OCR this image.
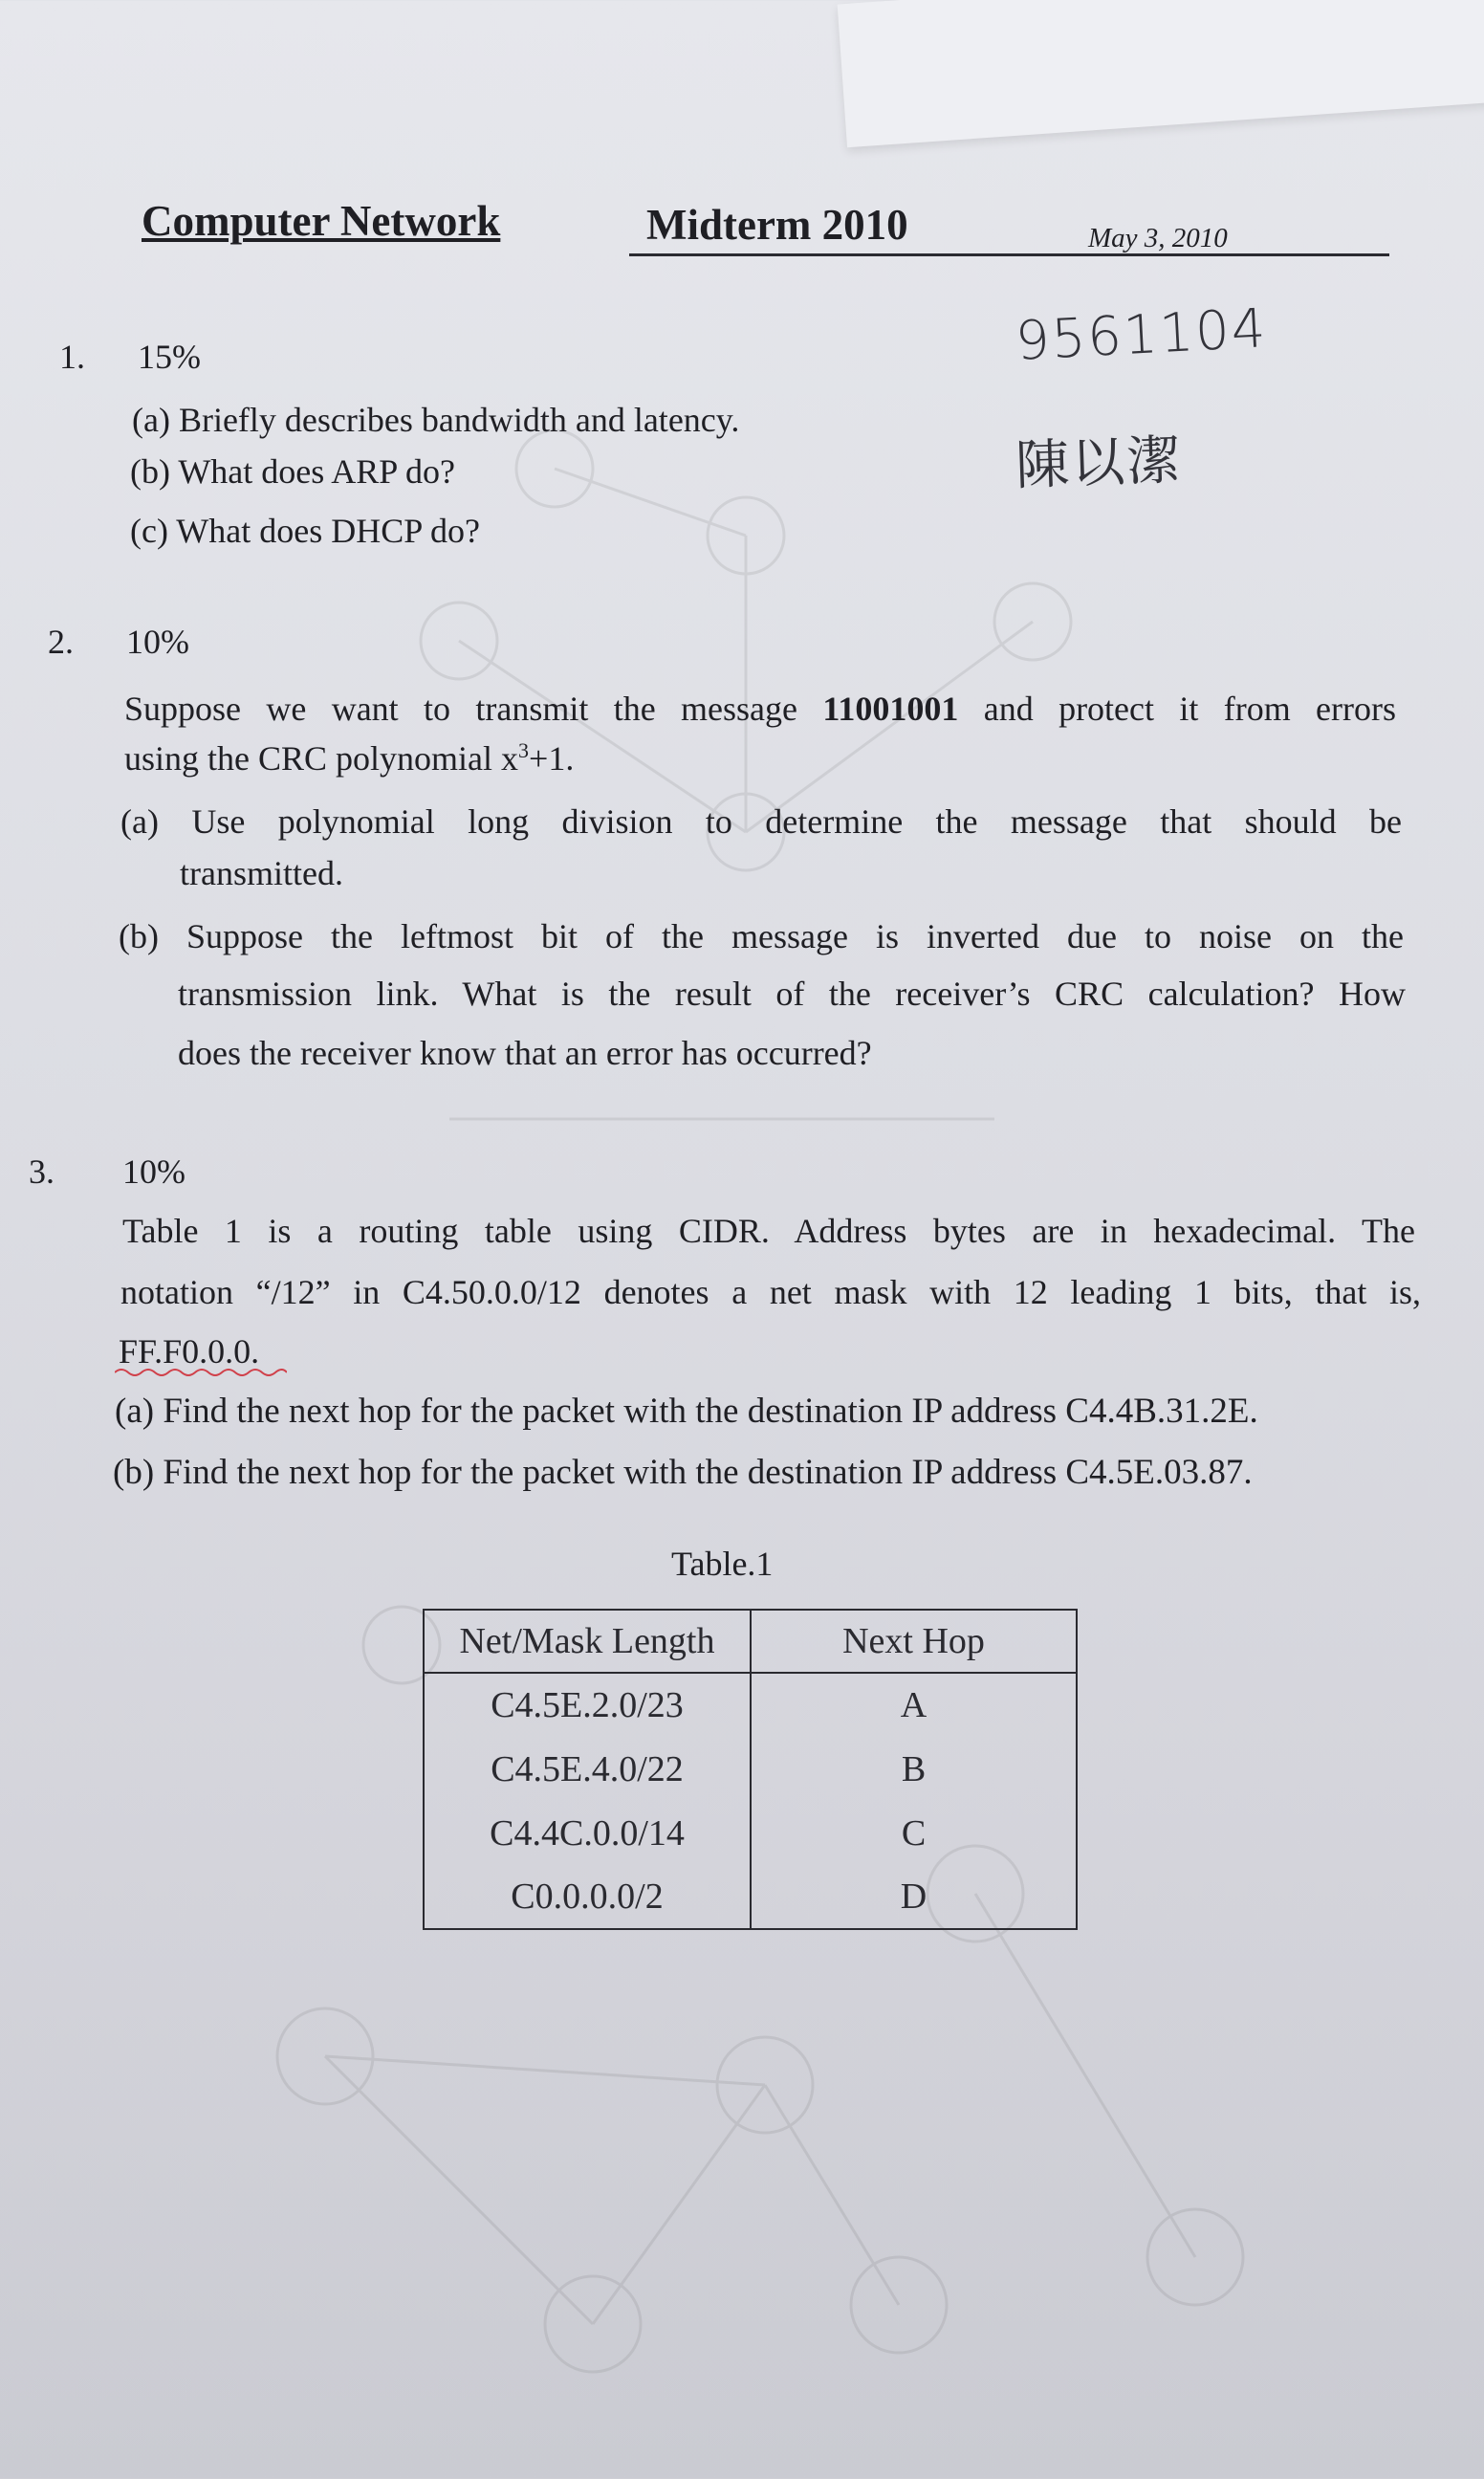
Computer Network	Midterm 2010	May 3, 2010
9561104
陳以潔
1. 15%
(a) Briefly describes bandwidth and latency.
(b) What does ARP do?
(c) What does DHCP do?
2. 10%
Suppose we want to transmit the message 11001001 and protect it from errors
using the CRC polynomial $x^3+1$.
(a) Use polynomial long division to determine the message that should be
transmitted.
(b) Suppose the leftmost bit of the message is inverted due to noise on the
transmission link. What is the result of the receiver’s CRC calculation? How
does the receiver know that an error has occurred?
3. 10%
Table 1 is a routing table using CIDR. Address bytes are in hexadecimal. The
notation “/12” in C4.50.0.0/12 denotes a net mask with 12 leading 1 bits, that is,
FF.F0.0.0.
(a) Find the next hop for the packet with the destination IP address C4.4B.31.2E.
(b) Find the next hop for the packet with the destination IP address C4.5E.03.87.
Table.1
Net/Mask Length	Next Hop
C4.5E.2.0/23	A
C4.5E.4.0/22	B
C4.4C.0.0/14	C
C0.0.0.0/2	D
